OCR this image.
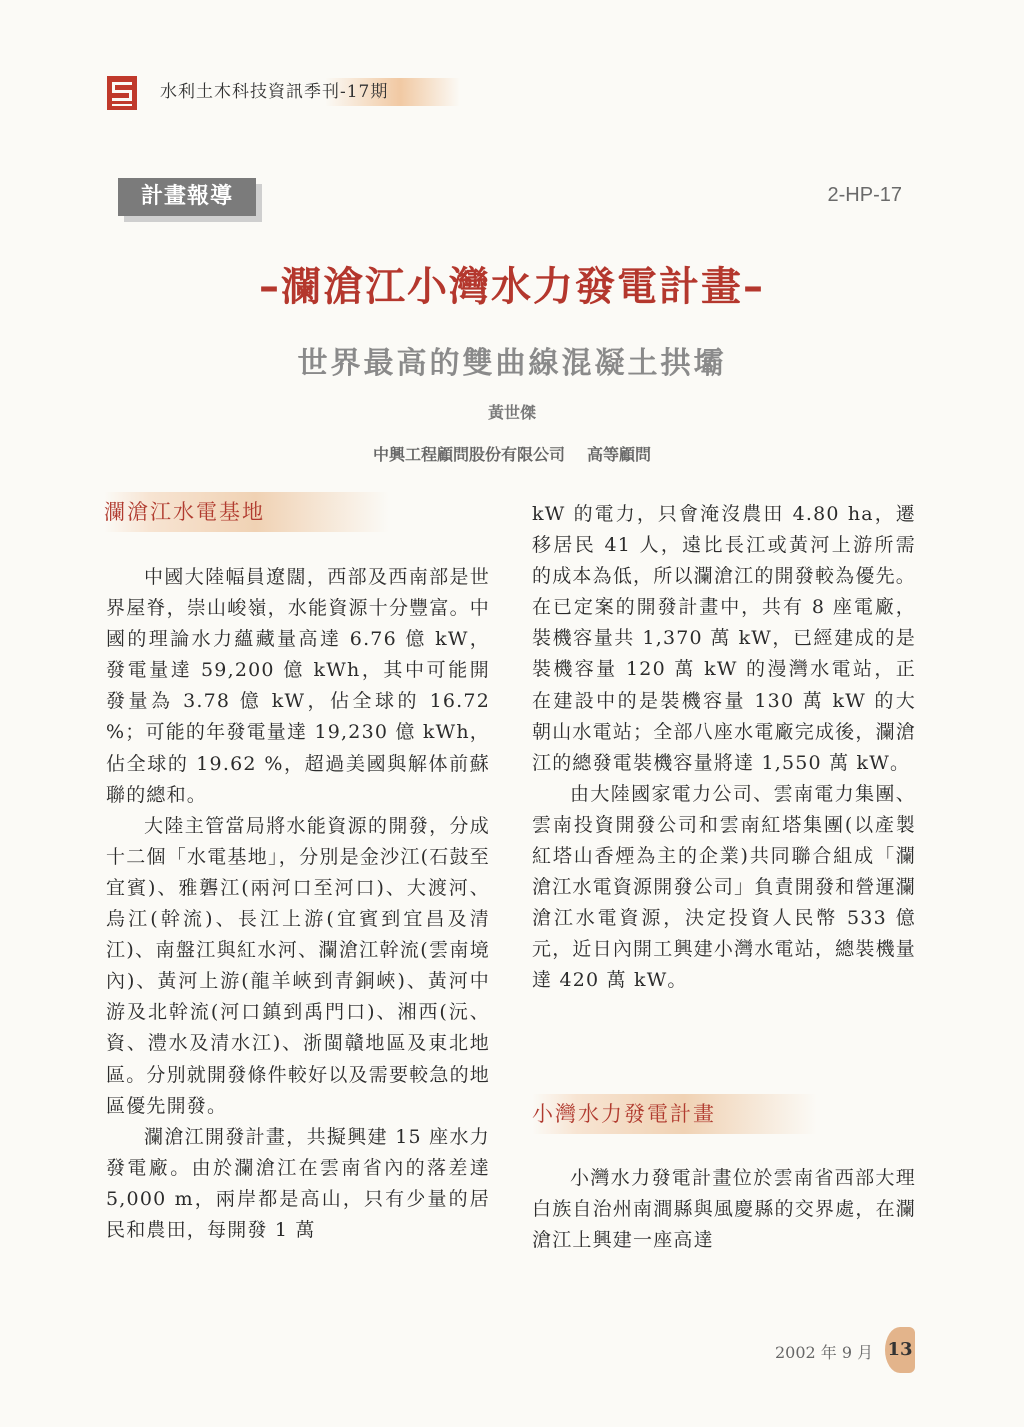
水利土木科技資訊季刊-17期
計畫報導	2-HP-17
–瀾滄江小灣水力發電計畫–
世界最高的雙曲線混凝土拱壩
黃世傑
中興工程顧問股份有限公司 高等顧問
瀾滄江水電基地

中國大陸幅員遼闊，西部及西南部是世界屋脊，崇山峻嶺，水能資源十分豐富。中國的理論水力蘊藏量高達 6.76 億 kW，發電量達 59,200 億 kWh，其中可能開發量為 3.78 億 kW，佔全球的 16.72 %；可能的年發電量達 19,230 億 kWh，佔全球的 19.62 %，超過美國與解体前蘇聯的總和。

大陸主管當局將水能資源的開發，分成十二個「水電基地」，分別是金沙江(石鼓至宜賓)、雅礱江(兩河口至河口)、大渡河、烏江(幹流)、長江上游(宜賓到宜昌及清江)、南盤江與紅水河、瀾滄江幹流(雲南境內)、黃河上游(龍羊峽到青銅峽)、黃河中游及北幹流(河口鎮到禹門口)、湘西(沅、資、澧水及清水江)、浙閩贛地區及東北地區。分別就開發條件較好以及需要較急的地區優先開發。

瀾滄江開發計畫，共擬興建 15 座水力發電廠。由於瀾滄江在雲南省內的落差達 5,000 m，兩岸都是高山，只有少量的居民和農田，每開發 1 萬

kW 的電力，只會淹沒農田 4.80 ha，遷移居民 41 人，遠比長江或黃河上游所需的成本為低，所以瀾滄江的開發較為優先。在已定案的開發計畫中，共有 8 座電廠，裝機容量共 1,370 萬 kW，已經建成的是裝機容量 120 萬 kW 的漫灣水電站，正在建設中的是裝機容量 130 萬 kW 的大朝山水電站；全部八座水電廠完成後，瀾滄江的總發電裝機容量將達 1,550 萬 kW。

由大陸國家電力公司、雲南電力集團、雲南投資開發公司和雲南紅塔集團(以產製紅塔山香煙為主的企業)共同聯合組成「瀾滄江水電資源開發公司」負責開發和營運瀾滄江水電資源，決定投資人民幣 533 億元，近日內開工興建小灣水電站，總裝機量達 420 萬 kW。

小灣水力發電計畫

小灣水力發電計畫位於雲南省西部大理白族自治州南澗縣與風慶縣的交界處，在瀾滄江上興建一座高達

2002 年 9 月 13
